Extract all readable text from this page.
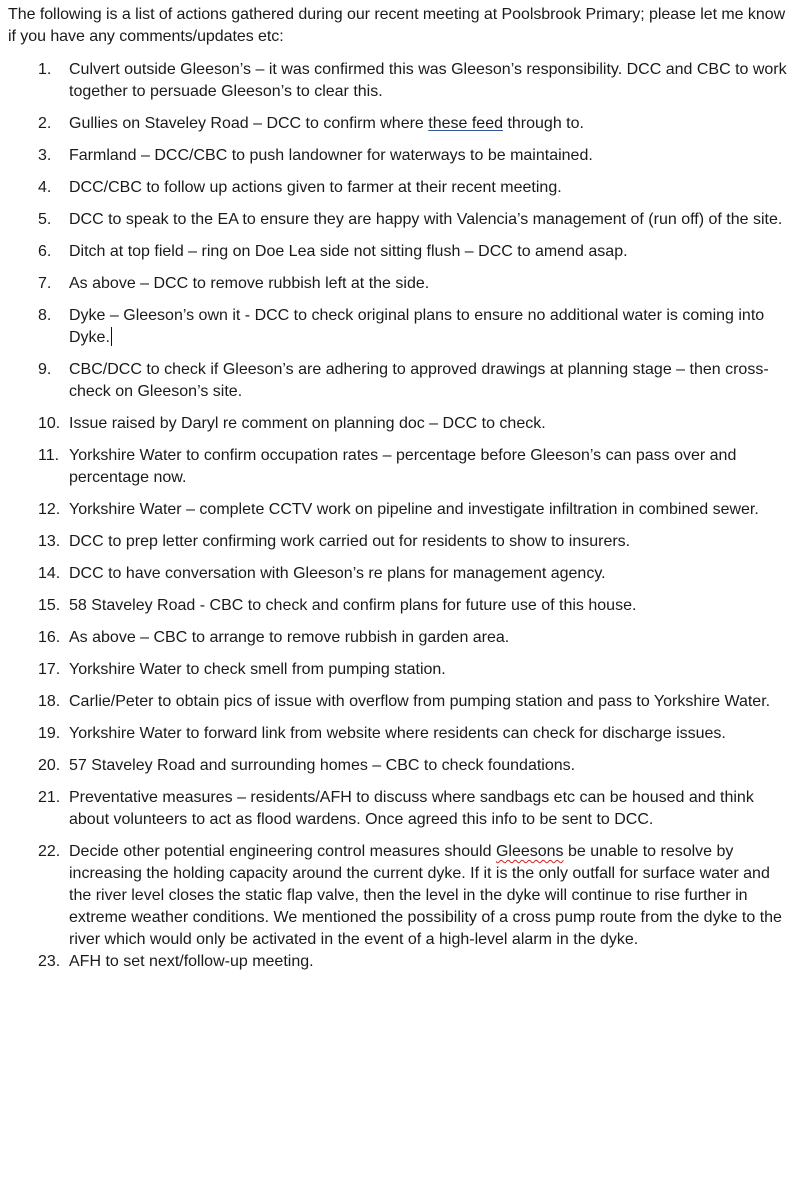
The following is a list of actions gathered during our recent meeting at Poolsbrook Primary; please let me know if you have any comments/updates etc:

1. Culvert outside Gleeson’s – it was confirmed this was Gleeson’s responsibility. DCC and CBC to work together to persuade Gleeson’s to clear this.
2. Gullies on Staveley Road – DCC to confirm where these feed through to.
3. Farmland – DCC/CBC to push landowner for waterways to be maintained.
4. DCC/CBC to follow up actions given to farmer at their recent meeting.
5. DCC to speak to the EA to ensure they are happy with Valencia’s management of (run off) of the site.
6. Ditch at top field – ring on Doe Lea side not sitting flush – DCC to amend asap.
7. As above – DCC to remove rubbish left at the side.
8. Dyke – Gleeson’s own it - DCC to check original plans to ensure no additional water is coming into Dyke.
9. CBC/DCC to check if Gleeson’s are adhering to approved drawings at planning stage – then cross-check on Gleeson’s site.
10. Issue raised by Daryl re comment on planning doc – DCC to check.
11. Yorkshire Water to confirm occupation rates – percentage before Gleeson’s can pass over and percentage now.
12. Yorkshire Water – complete CCTV work on pipeline and investigate infiltration in combined sewer.
13. DCC to prep letter confirming work carried out for residents to show to insurers.
14. DCC to have conversation with Gleeson’s re plans for management agency.
15. 58 Staveley Road - CBC to check and confirm plans for future use of this house.
16. As above – CBC to arrange to remove rubbish in garden area.
17. Yorkshire Water to check smell from pumping station.
18. Carlie/Peter to obtain pics of issue with overflow from pumping station and pass to Yorkshire Water.
19. Yorkshire Water to forward link from website where residents can check for discharge issues.
20. 57 Staveley Road and surrounding homes – CBC to check foundations.
21. Preventative measures – residents/AFH to discuss where sandbags etc can be housed and think about volunteers to act as flood wardens. Once agreed this info to be sent to DCC.
22. Decide other potential engineering control measures should Gleesons be unable to resolve by increasing the holding capacity around the current dyke. If it is the only outfall for surface water and the river level closes the static flap valve, then the level in the dyke will continue to rise further in extreme weather conditions. We mentioned the possibility of a cross pump route from the dyke to the river which would only be activated in the event of a high-level alarm in the dyke.
23. AFH to set next/follow-up meeting.
